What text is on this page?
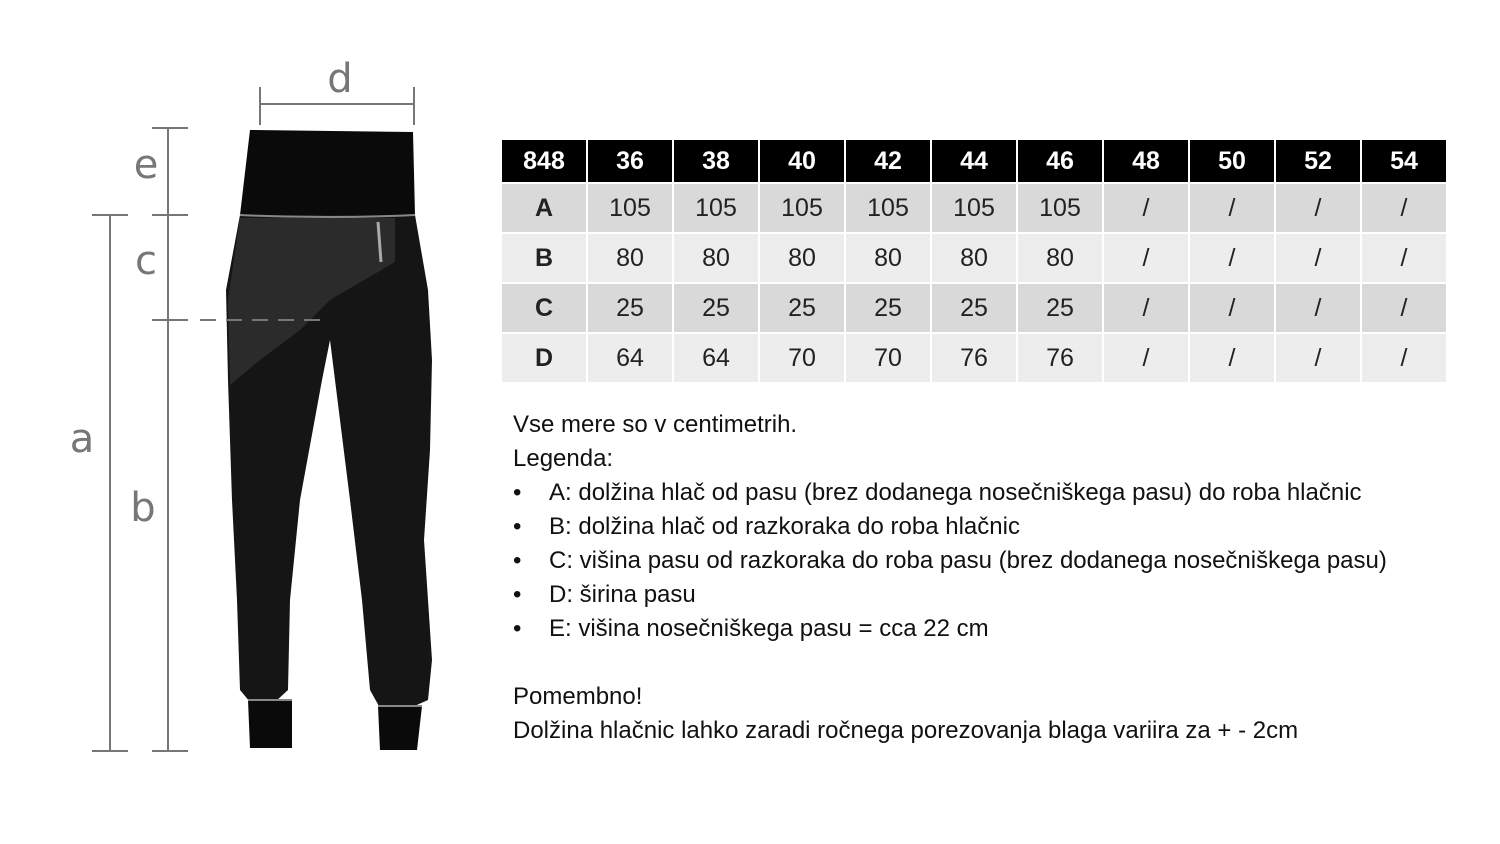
d
e
c
a
b
848	36	38	40	42	44	46	48	50	52	54
A	105	105	105	105	105	105	/	/	/	/
B	80	80	80	80	80	80	/	/	/	/
C	25	25	25	25	25	25	/	/	/	/
D	64	64	70	70	76	76	/	/	/	/

Vse mere so v centimetrih.

Legenda:

• A: dolžina hlač od pasu (brez dodanega nosečniškega pasu) do roba hlačnic
• B: dolžina hlač od razkoraka do roba hlačnic
• C: višina pasu od razkoraka do roba pasu (brez dodanega nosečniškega pasu)
• D: širina pasu
• E: višina nosečniškega pasu = cca 22 cm

Pomembno!

Dolžina hlačnic lahko zaradi ročnega porezovanja blaga variira za + - 2cm
